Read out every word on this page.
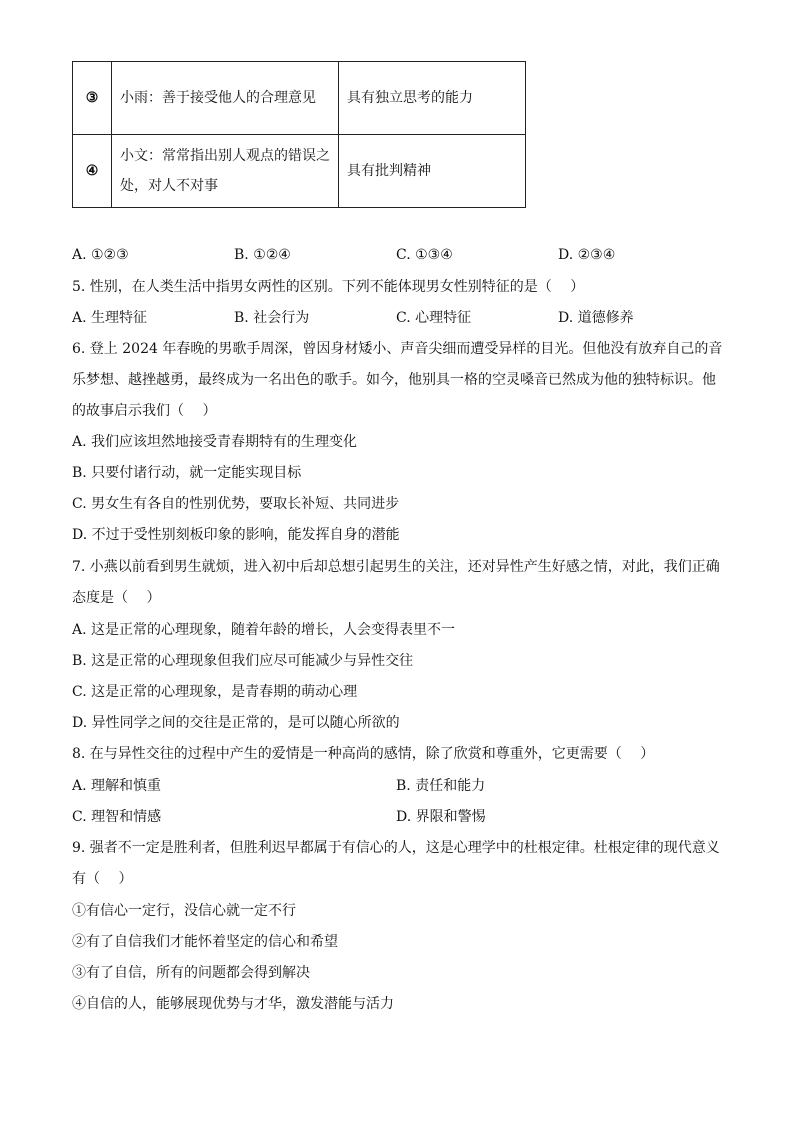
③	小雨：善于接受他人的合理意见	具有独立思考的能力
④	小文：常常指出别人观点的错误之处，对人不对事	具有批判精神
A. ①②③	B. ①②④	C. ①③④	D. ②③④
5. 性别，在人类生活中指男女两性的区别。下列不能体现男女性别特征的是（　 ）
A. 生理特征	B. 社会行为	C. 心理特征	D. 道德修养
6. 登上 2024 年春晚的男歌手周深，曾因身材矮小、声音尖细而遭受异样的目光。但他没有放弃自己的音
乐梦想、越挫越勇，最终成为一名出色的歌手。如今，他别具一格的空灵嗓音已然成为他的独特标识。他
的故事启示我们（　 ）
A. 我们应该坦然地接受青春期特有的生理变化
B. 只要付诸行动，就一定能实现目标
C. 男女生有各自的性别优势，要取长补短、共同进步
D. 不过于受性别刻板印象的影响，能发挥自身的潜能
7. 小燕以前看到男生就烦，进入初中后却总想引起男生的关注，还对异性产生好感之情，对此，我们正确
态度是（　 ）
A. 这是正常的心理现象，随着年龄的增长，人会变得表里不一
B. 这是正常的心理现象但我们应尽可能减少与异性交往
C. 这是正常的心理现象，是青春期的萌动心理
D. 异性同学之间的交往是正常的，是可以随心所欲的
8. 在与异性交往的过程中产生的爱情是一种高尚的感情，除了欣赏和尊重外，它更需要（　 ）
A. 理解和慎重	B. 责任和能力
C. 理智和情感	D. 界限和警惕
9. 强者不一定是胜利者，但胜利迟早都属于有信心的人，这是心理学中的杜根定律。杜根定律的现代意义
有（　 ）
①有信心一定行，没信心就一定不行
②有了自信我们才能怀着坚定的信心和希望
③有了自信，所有的问题都会得到解决
④自信的人，能够展现优势与才华，激发潜能与活力
